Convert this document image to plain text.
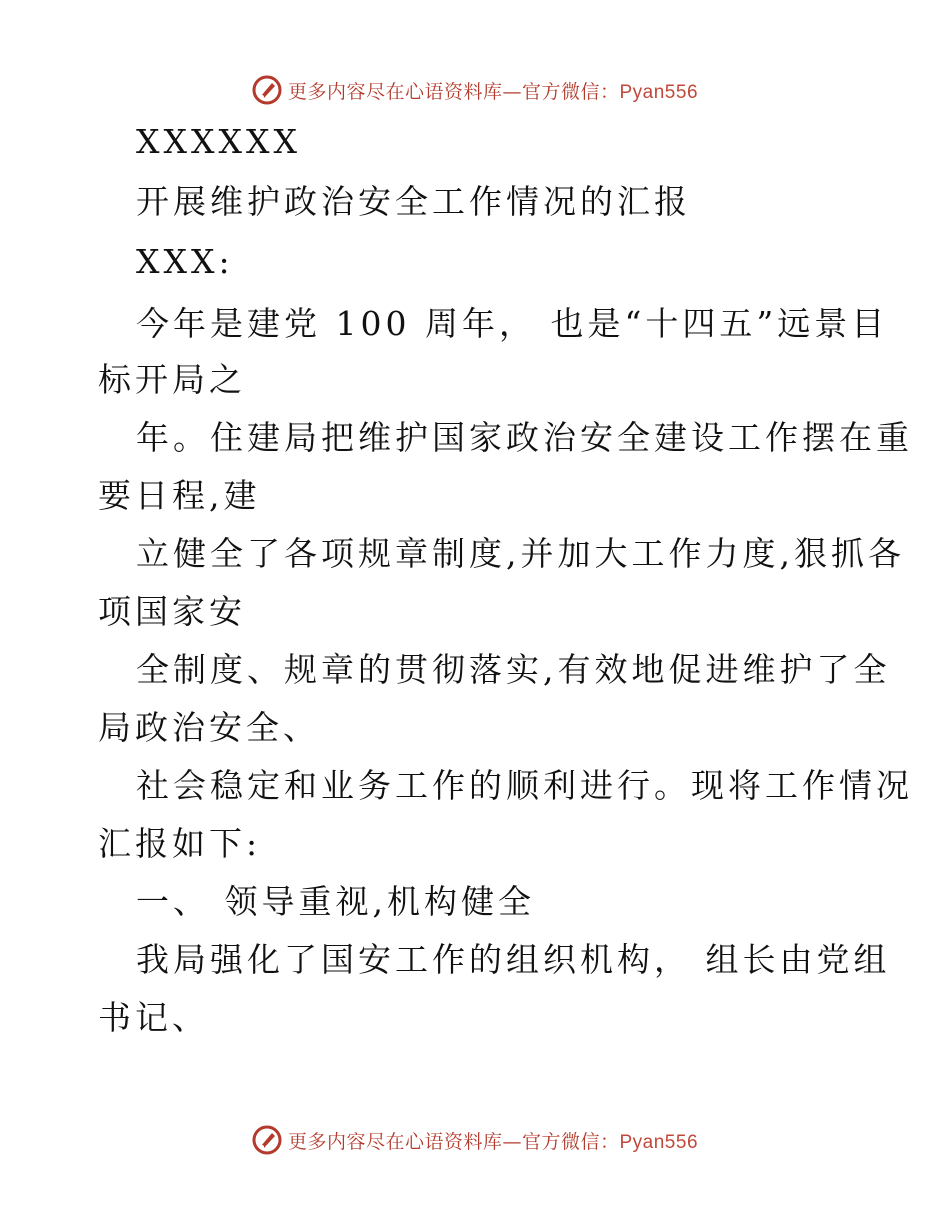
更多内容尽在心语资料库—官方微信：Pyan556
XXXXXX
开展维护政治安全工作情况的汇报
XXX:
今年是建党 100 周年， 也是“十四五”远景目
标开局之
年。住建局把维护国家政治安全建设工作摆在重
要日程,建
立健全了各项规章制度,并加大工作力度,狠抓各
项国家安
全制度、规章的贯彻落实,有效地促进维护了全
局政治安全、
社会稳定和业务工作的顺利进行。现将工作情况
汇报如下:
一、 领导重视,机构健全
我局强化了国安工作的组织机构， 组长由党组
书记、
更多内容尽在心语资料库—官方微信：Pyan556
